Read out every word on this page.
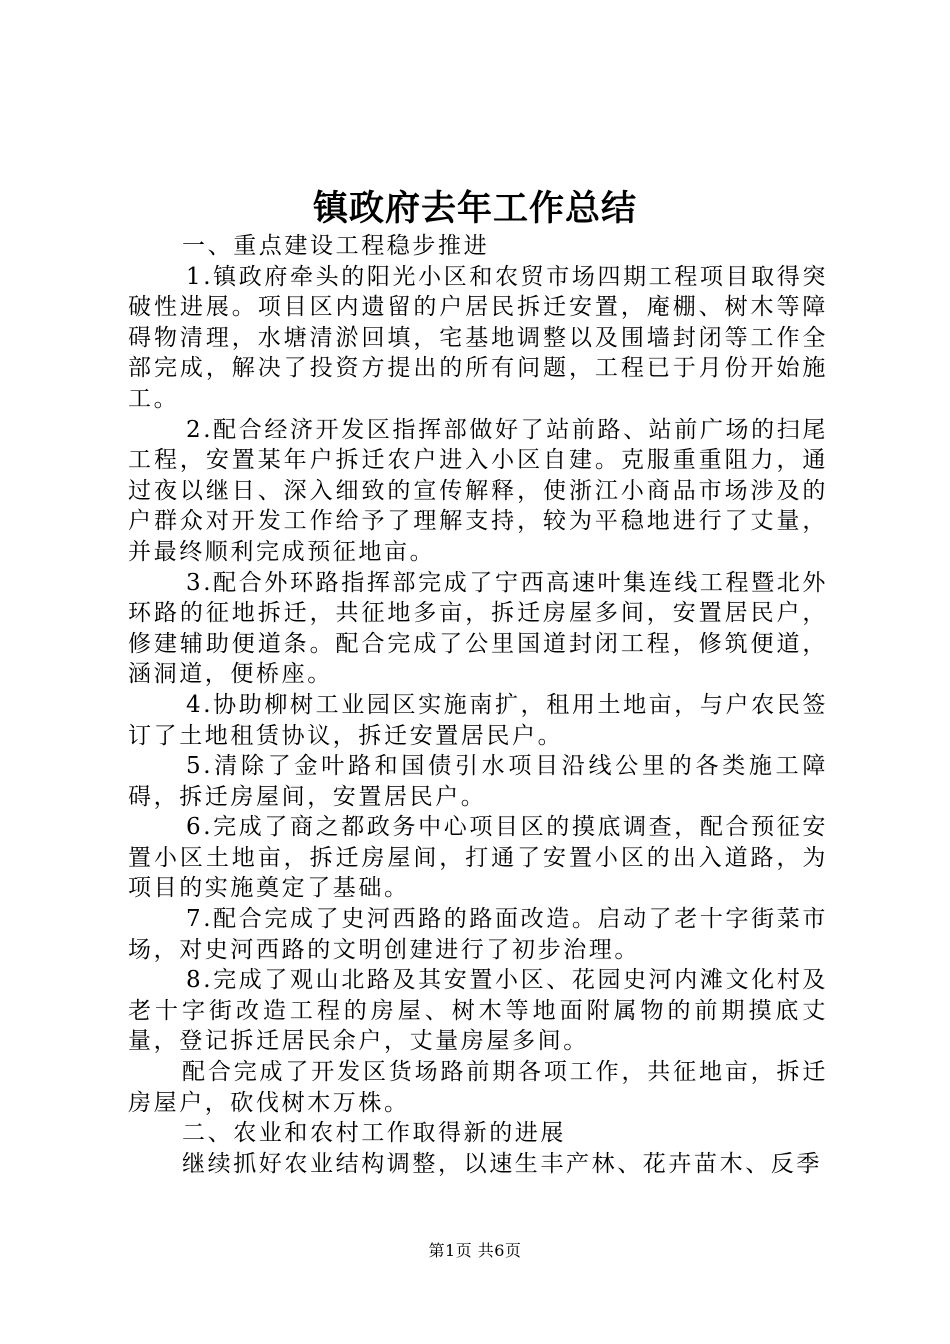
镇政府去年工作总结

一、重点建设工程稳步推进

1.镇政府牵头的阳光小区和农贸市场四期工程项目取得突破性进展。项目区内遗留的户居民拆迁安置，庵棚、树木等障碍物清理，水塘清淤回填，宅基地调整以及围墙封闭等工作全部完成，解决了投资方提出的所有问题，工程已于月份开始施工。

2.配合经济开发区指挥部做好了站前路、站前广场的扫尾工程，安置某年户拆迁农户进入小区自建。克服重重阻力，通过夜以继日、深入细致的宣传解释，使浙江小商品市场涉及的户群众对开发工作给予了理解支持，较为平稳地进行了丈量，并最终顺利完成预征地亩。

3.配合外环路指挥部完成了宁西高速叶集连线工程暨北外环路的征地拆迁，共征地多亩，拆迁房屋多间，安置居民户，修建辅助便道条。配合完成了公里国道封闭工程，修筑便道，涵洞道，便桥座。

4.协助柳树工业园区实施南扩，租用土地亩，与户农民签订了土地租赁协议，拆迁安置居民户。

5.清除了金叶路和国债引水项目沿线公里的各类施工障碍，拆迁房屋间，安置居民户。

6.完成了商之都政务中心项目区的摸底调查，配合预征安置小区土地亩，拆迁房屋间，打通了安置小区的出入道路，为项目的实施奠定了基础。

7.配合完成了史河西路的路面改造。启动了老十字街菜市场，对史河西路的文明创建进行了初步治理。

8.完成了观山北路及其安置小区、花园史河内滩文化村及老十字街改造工程的房屋、树木等地面附属物的前期摸底丈量，登记拆迁居民余户，丈量房屋多间。

配合完成了开发区货场路前期各项工作，共征地亩，拆迁房屋户，砍伐树木万株。

二、农业和农村工作取得新的进展

继续抓好农业结构调整，以速生丰产林、花卉苗木、反季

第1页 共6页
